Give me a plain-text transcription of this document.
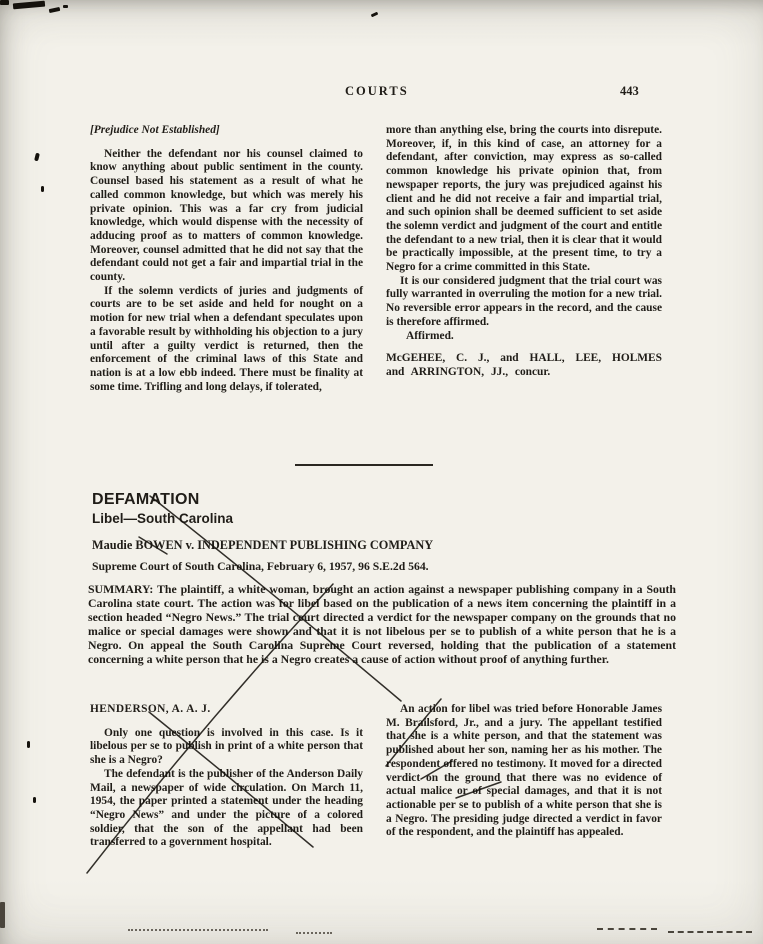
COURTS	443

[Prejudice Not Established]

Neither the defendant nor his counsel claimed to know anything about public sentiment in the county. Counsel based his statement as a result of what he called common knowledge, but which was merely his private opinion. This was a far cry from judicial knowledge, which would dispense with the necessity of adducing proof as to matters of common knowledge. Moreover, counsel admitted that he did not say that the defendant could not get a fair and impartial trial in the county.

If the solemn verdicts of juries and judgments of courts are to be set aside and held for nought on a motion for new trial when a defendant speculates upon a favorable result by withholding his objection to a jury until after a guilty verdict is returned, then the enforcement of the criminal laws of this State and nation is at a low ebb indeed. There must be finality at some time. Trifling and long delays, if tolerated,

more than anything else, bring the courts into disrepute. Moreover, if, in this kind of case, an attorney for a defendant, after conviction, may express as so-called common knowledge his private opinion that, from newspaper reports, the jury was prejudiced against his client and he did not receive a fair and impartial trial, and such opinion shall be deemed sufficient to set aside the solemn verdict and judgment of the court and entitle the defendant to a new trial, then it is clear that it would be practically impossible, at the present time, to try a Negro for a crime committed in this State.

It is our considered judgment that the trial court was fully warranted in overruling the motion for a new trial. No reversible error appears in the record, and the cause is therefore affirmed.

Affirmed.

McGEHEE, C. J., and HALL, LEE, HOLMES and ARRINGTON, JJ., concur.

DEFAMATION
Libel—South Carolina

Maudie BOWEN v. INDEPENDENT PUBLISHING COMPANY

Supreme Court of South Carolina, February 6, 1957, 96 S.E.2d 564.

SUMMARY: The plaintiff, a white woman, brought an action against a newspaper publishing company in a South Carolina state court. The action was for libel based on the publication of a news item concerning the plaintiff in a section headed “Negro News.” The trial court directed a verdict for the newspaper company on the grounds that no malice or special damages were shown and that it is not libelous per se to publish of a white person that he is a Negro. On appeal the South Carolina Supreme Court reversed, holding that the publication of a statement concerning a white person that he is a Negro creates a cause of action without proof of anything further.

HENDERSON, A. A. J.

Only one question is involved in this case. Is it libelous per se to publish in print of a white person that she is a Negro?

The defendant is the publisher of the Anderson Daily Mail, a newspaper of wide circulation. On March 11, 1954, the paper printed a statement under the heading “Negro News” and under the picture of a colored soldier, that the son of the appellant had been transferred to a government hospital.

An action for libel was tried before Honorable James M. Brailsford, Jr., and a jury. The appellant testified that she is a white person, and that the statement was published about her son, naming her as his mother. The respondent offered no testimony. It moved for a directed verdict on the ground that there was no evidence of actual malice or of special damages, and that it is not actionable per se to publish of a white person that she is a Negro. The presiding judge directed a verdict in favor of the respondent, and the plaintiff has appealed.
